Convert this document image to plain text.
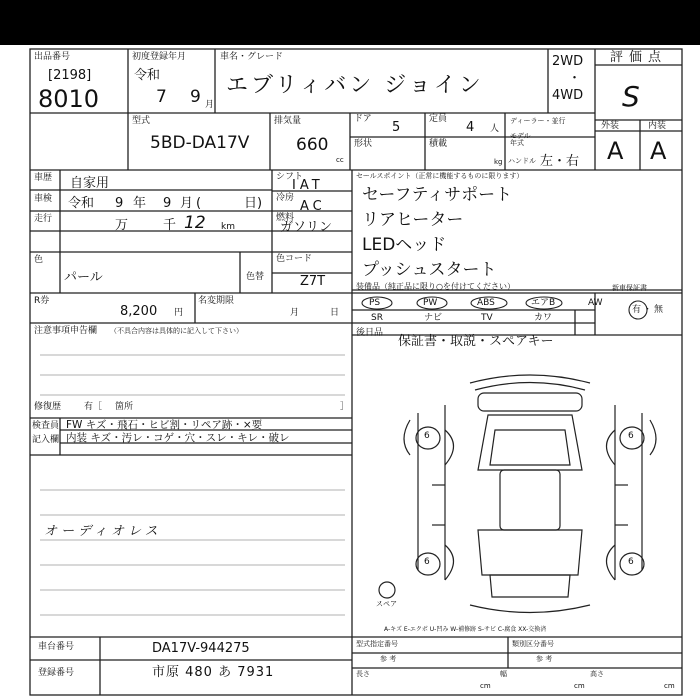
出品番号
[2198]
8010
初度登録年月
令和
7 9 月
車名・グレード
エブリィバン ジョイン
2WD
・
4WD
評価点
S
外装	内装
A A
型式
5BD-DA17V
排気量
660
cc
ドア
5
定員
4 人
ディーラー・並行
モデル
年式
形状	積載
kg ハンドル 左・右
車歴 自家用
車検 令和 9 年 9 月 (	日)
走行	万	千 12 km
色
パール	色替
シフト
IAT
冷房
AC
燃料
ガソリン
色コード
Z7T
R券
8,200 円
名変期限
月	日
セールスポイント（正常に機能するものに限ります）
セーフティサポート
リアヒーター
LEDヘッド
プッシュスタート
装備品（純正品に限り○を付けてください）
PS	PW	ABS	エアB	AW
SR	ナビ	TV	カワ
新車保証書
有・無
後日品
保証書・取説・スペアキー
注意事項申告欄 （不具合内容は具体的に記入して下さい）
修復歴	有［ 箇所	］
検査員
記入欄
FW キズ・飛石・ヒビ割・リペア跡・×要
内装 キズ・汚レ・コゲ・穴・スレ・キレ・破レ
オーディオレス
6	6
6	6
スペア
A-キズ E-エクボ U-凹み W-補修跡 S-サビ C-腐食 XX-交換済
車台番号	DA17V-944275
登録番号	市原 480 あ 7931
型式指定番号
参 考
類別区分番号
参 考
長さ
cm
幅
cm
高さ
cm
